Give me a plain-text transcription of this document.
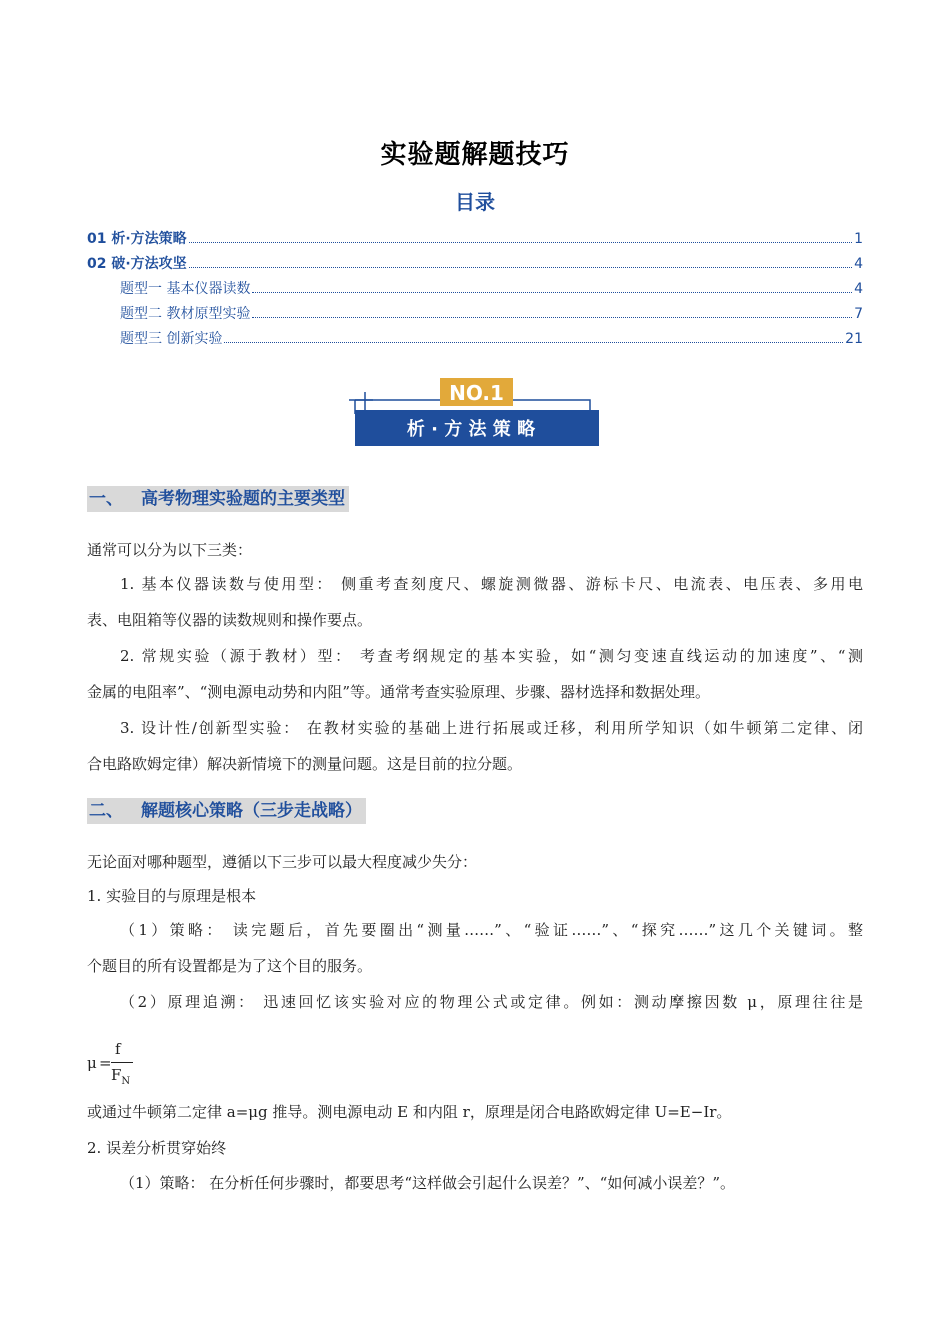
实验题解题技巧
目录
01 析·方法策略	1
02 破·方法攻坚	4
题型一 基本仪器读数	4
题型二 教材原型实验	7
题型三 创新实验	21
NO.1
析 · 方 法 策 略
一、 高考物理实验题的主要类型
通常可以分为以下三类：
1. 基本仪器读数与使用型： 侧重考查刻度尺、螺旋测微器、游标卡尺、电流表、电压表、多用电
表、电阻箱等仪器的读数规则和操作要点。
2. 常规实验（源于教材）型： 考查考纲规定的基本实验，如“测匀变速直线运动的加速度”、“测
金属的电阻率”、“测电源电动势和内阻”等。通常考查实验原理、步骤、器材选择和数据处理。
3. 设计性/创新型实验： 在教材实验的基础上进行拓展或迁移，利用所学知识（如牛顿第二定律、闭
合电路欧姆定律）解决新情境下的测量问题。这是目前的拉分题。
二、 解题核心策略（三步走战略）
无论面对哪种题型，遵循以下三步可以最大程度减少失分：
1. 实验目的与原理是根本
（1）策略： 读完题后，首先要圈出“测量……”、“验证……”、“探究……”这几个关键词。整
个题目的所有设置都是为了这个目的服务。
（2）原理追溯： 迅速回忆该实验对应的物理公式或定律。例如：测动摩擦因数 μ，原理往往是
μ =
f
$F_N$
或通过牛顿第二定律 a=μg 推导。测电源电动 E 和内阻 r，原理是闭合电路欧姆定律 U=E−Ir。
2. 误差分析贯穿始终
（1）策略： 在分析任何步骤时，都要思考“这样做会引起什么误差？”、“如何减小误差？”。
